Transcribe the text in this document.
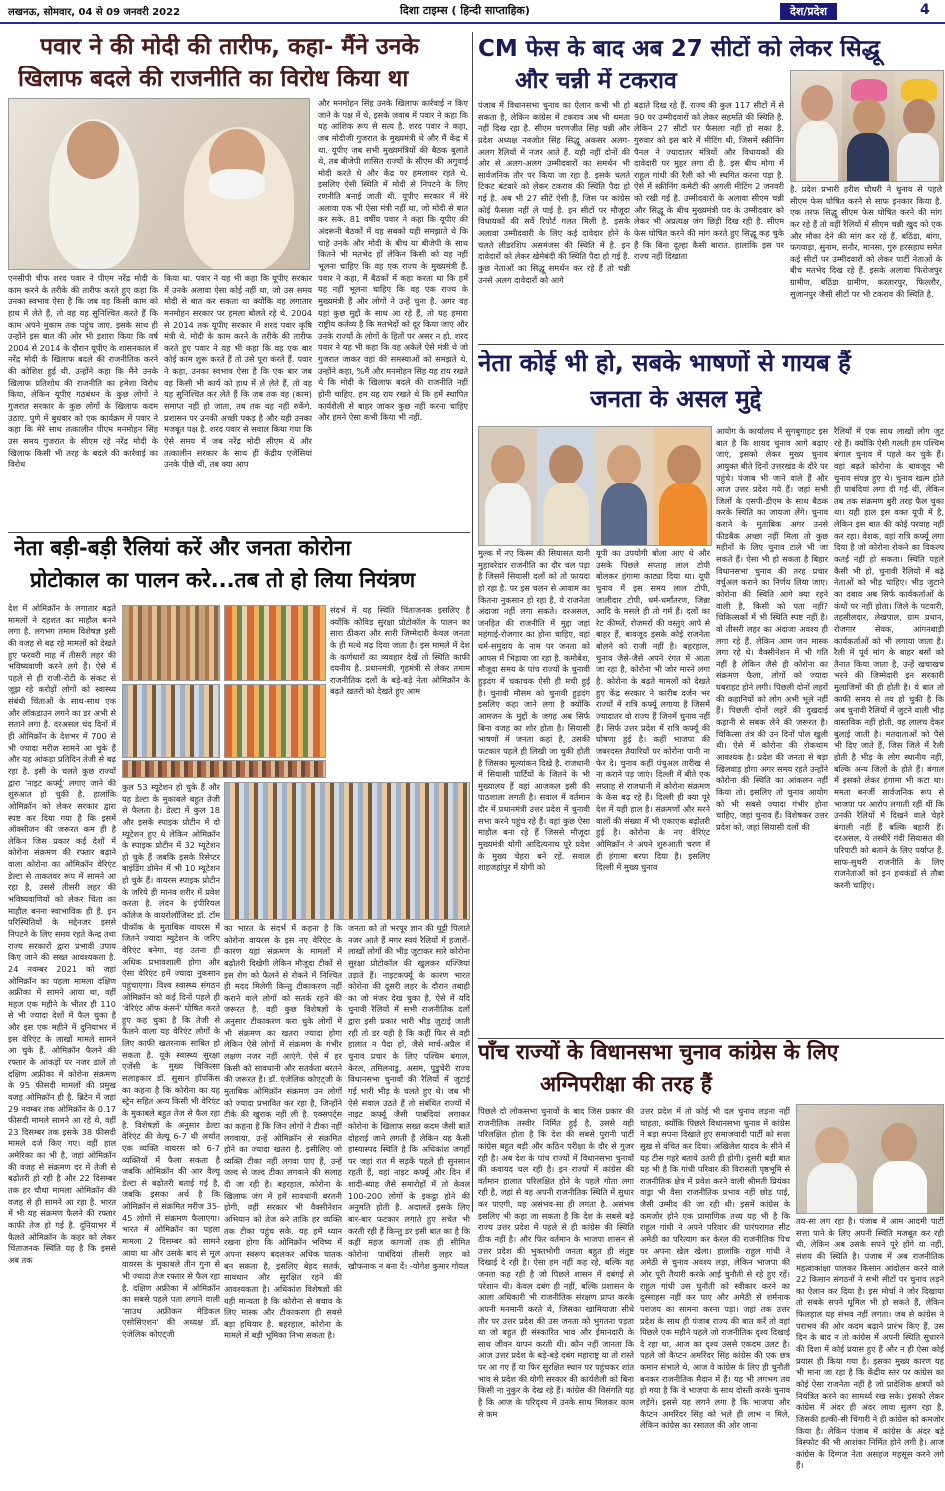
लखनऊ, सोमवार, 04 से 09 जनवरी 2022	दिशा टाइम्स ( हिन्दी साप्ताहिक)	देश/प्रदेश	4
पवार ने की मोदी की तारीफ, कहा- मैंने उनके
खिलाफ बदले की राजनीति का विरोध किया था
एनसीपी चीफ शरद पवार ने पीएम नरेंद्र मोदी के काम करने के तरीके की तारीफ करते हुए कहा कि उनका स्वभाव ऐसा है कि जब वह किसी काम को हाथ में लेते हैं, तो वह यह सुनिश्चित करते हैं कि काम अपने मुकाम तक पहुंच जाए. इसके साथ ही उन्होंने इस बात की ओर भी इशारा किया कि वर्ष 2004 से 2014 के दौरान यूपीए के शासनकाल में नरेंद्र मोदी के खिलाफ बदले की राजनीतिक करने की कोशिश हुई थी. उन्होंने कहा कि मैंने उनके खिलाफ प्रतिशोध की राजनीति का हमेशा विरोध किया, लेकिन यूपीए गठबंधन के कुछ लोगों ने गुजरात सरकार के कुछ लोगों के खिलाफ कदम उठाए. पुणे में बुधवार को एक कार्यक्रम में पवार ने कहा कि मेरे साथ तत्कालीन पीएम मनमोहन सिंह उस समय गुजरात के सीएम रहे नरेंद्र मोदी के खिलाफ किसी भी तरह के बदले की कार्रवाई का विरोध
किया था. पवार ने यह भी कहा कि यूपीए सरकार में उनके अलावा ऐसा कोई नहीं था, जो उस समय मोदी से बात कर सकता था क्योंकि वह लगातार मनमोहन सरकार पर हमला बोलते रहे थे. 2004 से 2014 तक यूपीए सरकार में शरद पवार कृषि मंत्री थे. मोदी के काम करने के तरीके की तारीफ करते हुए पवार ने यह भी कहा कि वह एक बार कोई काम शुरू करते हैं तो उसे पूरा करते हैं. पवार ने कहा, उनका स्वभाव ऐसा है कि एक बार जब वह किसी भी कार्य को हाथ में ले लेते हैं, तो वह यह सुनिश्चित कर लेते हैं कि जब तक वह (काम) समाप्त नहीं हो जाता, तब तक वह नहीं रुकेंगे. प्रशासन पर उनकी अच्छी पकड़ है और यही उनका मजबूत पक्ष है. शरद पवार से सवाल किया गया कि ऐसे समय में जब नरेंद्र मोदी सीएम थे और तत्कालीन सरकार के साथ ही केंद्रीय एजेंसियां उनके पीछे थीं, तब क्या आप
और मनमोहन सिंह उनके खिलाफ कार्रवाई न किए जाने के पक्ष में थे, इसके जवाब में पवार ने कहा कि यह आंशिक रूप से सत्य है. शरद पवार ने कहा, जब मोदीजी गुजरात के मुख्यमंत्री थे और मैं केंद्र में था. यूपीए जब सभी मुख्यमंत्रियों की बैठक बुलाते थे, तब बीजेपी शासित राज्यों के सीएम की अगुवाई मोदी करते थे और केंद्र पर हमलावर रहते थे. इसलिए ऐसी स्थिति में मोदी से निपटने के लिए रणनीति बनाई जाती थी. यूपीए सरकार में मेरे अलावा एक भी ऐसा मंत्री नहीं था, जो मोदी से बात कर सके. 81 वर्षीय पवार ने कहा कि यूपीए की अंदरूनी बैठकों में वह सबको यही समझाते थे कि चाहे उनके और मोदी के बीच या बीजेपी के साथ कितने भी मतभेद हों लेकिन किसी को यह नहीं भूलना चाहिए कि वह एक राज्य के मुख्यमंत्री हैं. पवार ने कहा, मैं बैठकों में कहा करता था कि हमें यह नहीं भूलना चाहिए कि वह एक राज्य के मुख्यमंत्री हैं और लोगों ने उन्हें चुना है. अगर वह यहां कुछ मुद्दों के साथ आ रहे हैं, तो यह हमारा राष्ट्रीय कर्तव्य है कि मतभेदों को दूर किया जाए और उनके राज्यों के लोगों के हितों पर असर न हो. शरद पवार ने यह भी कहा कि वह अकेले ऐसे मंत्री थे जो गुजरात जाकर वहां की समस्याओं को समझते थे. उन्होंने कहा, %मैं और मनमोहन सिंह यह राय रखते थे कि मोदी के खिलाफ बदले की राजनीति नहीं होनी चाहिए. हम यह राय रखते थे कि हमें स्थापित कार्यशैली से बाहर जाकर कुछ नहीं करना चाहिए और हमने ऐसा कभी किया भी नहीं.
CM फेस के बाद अब 27 सीटों को लेकर सिद्धू
और चन्नी में टकराव
पंजाब में विधानसभा चुनाव का ऐलान कभी भी हो सकता है, लेकिन कांग्रेस में टकराव अब भी थमता नहीं दिख रहा है. सीएम चरणजीत सिंह चन्नी और प्रदेश अध्यक्ष नवजोत सिंह सिद्धू अकसर अलग-अलग रैलियों में नजर आते हैं. यही नहीं दोनों की ओर से अलग-अलग उम्मीदवारों का समर्थन भी सार्वजनिक तौर पर किया जा रहा है. इसके चलते टिकट बंटवारे को लेकर टकराव की स्थिति पैदा हो गई है. अब भी 27 सीटें ऐसी हैं, जिस पर कांग्रेस कोई फैसला नहीं ले पाई है. इन सीटों पर मौजूदा विधायकों की सर्वे रिपोर्ट गलत मिली है. इसके अलावा उम्मीदवारी के लिए कई दावेदार होने के चलते लीडरशिप असमंजस की स्थिति में है. इन दावेदारों को लेकर खेमेबंदी की स्थिति पैदा हो गई है. कुछ नेताओं का सिद्धू समर्थन कर रहे हैं तो चन्नी उनसे अलग दावेदारों को आगे
बढ़ाते दिख रहे हैं. राज्य की कुल 117 सीटों में से 90 पर उम्मीदवारों को लेकर सहमति की स्थिति है. लेकिन 27 सीटों पर फैसला नहीं हो सका है. गुरुवार को इस बारे में मीटिंग थी, जिसमें स्क्रीनिंग पैनल ने ज्यादातर मंत्रियों और विधायकों की दावेदारी पर मुहर लगा दी है. इस बीच मोगा में राहुल गांधी की रैली को भी स्थगित करना पड़ा है. ऐसे में स्क्रीनिंग कमेटी की अगली मीटिंग 2 जनवरी को रखी गई है. उम्मीदवारों के अलावा सीएम चन्नी और सिद्धू के बीच मुख्यमंत्री पद के उम्मीदवार को लेकर भी अप्रत्यक्ष जंग छिड़ी दिख रही है. सीएम फेस घोषित करने की मांग करते हुए सिद्धू कह चुके हैं कि बिना दूल्हा कैसी बारात. हालांकि इस पर राज्य नहीं दिखाता
है. प्रदेश प्रभारी हरीश चौधरी ने चुनाव से पहले सीएम फेस घोषित करने से साफ इनकार किया है. एक तरफ सिद्धू सीएम फेस घोषित करने की मांग कर रहे हैं तो वहीं रैलियों में सीएम चन्नी खुद को एक और मौका देने की मांग कर रहे हैं. बठिंडा, बांगा, फगवाड़ा, सुनाम, सनौर, मानसा, गुरु हरसहाय समेत कई सीटों पर उम्मीदवारों को लेकर पार्टी नेताओं के बीच मतभेद दिख रहे हैं. इसके अलावा फिरोजपुर ग्रामीण, बठिंडा ग्रामीण, करतारपुर, फिल्लौर, सुजानपुर जैसी सीटों पर भी टकराव की स्थिति है.
नेता बड़ी-बड़ी रैलियां करें और जनता कोरोना
प्रोटोकाल का पालन करे...तब तो हो लिया नियंत्रण
देश में ओमिक्रॉन के लगातार बढ़ते मामलों ने दहशत का माहौल बनने लगा है. लगभग तमाम विशेषज्ञ इसी की वजह से बढ़ रहे मामलों को देखते हुए फरवरी माह में तीसरी लहर की भविष्यवाणी करने लगे हैं। ऐसे में पहले से ही राजी-रोटी के संकट से जूझ रहे करोड़ों लोगों को स्वास्थ्य संबंधी चिंताओं के साथ-साथ एक और लॉकडाउन लगने का डर अभी से सताने लगा है. दरअसल चंद दिनों में ही ओमिक्रॉन के देशभर में 700 से भी ज्यादा मरीज सामने आ चुके हैं और यह आंकड़ा प्रतिदिन तेजी से बढ़ रहा है. इसी के चलते कुछ राज्यों द्वारा 'नाइट कर्फ्यू' लगाए जाने की शुरुआत हो चुकी है. हालांकि ओमिक्रॉन को लेकर सरकार द्वारा स्पष्ट कर दिया गया है कि इसमें ऑक्सीजन की जरूरत कम ही है लेकिन जिस प्रकार कई देशों में कोरोना संक्रमण की रफ्तार बढ़ाने वाला कोरोना का ओमिक्रॉन वेरिएंट डेल्टा से ताकतवर रूप में सामने आ रहा है, उससे तीसरी लहर की भविष्यवाणियों को लेकर चिंता का माहौल बनना स्वाभाविक ही है. इन परिस्थितियों के मद्देनजर इससे निपटने के लिए समय रहते केन्द्र तथा राज्य सरकारों द्वारा प्रभावी उपाय किए जाने की सख्त आवश्यकता है. 24 नवम्बर 2021 को जहां ओमिक्रॉन का पहला मामला दक्षिण अफ्रीका में सामने आया था, वहीं महज एक महीने के भीतर ही 110 से भी ज्यादा देशों में फैल चुका है और इस एक महीने में दुनियाभर में इस वेरिएंट के लाखों मामले सामने आ चुके हैं. ओमिक्रॉन फैलने की रफ्तार के आंकड़ों पर नजर डालें तो दक्षिण अफ्रीका में कोरोना संक्रमण के 95 फीसदी मामलों की प्रमुख वजह ओमिक्रॉन ही है. ब्रिटेन में जहां 29 नवम्बर तक ओमिक्रॉन के 0.17 फीसदी मामले सामने आ रहे थे, वहीं 23 दिसम्बर तक इसके 38 फीसदी मामले दर्ज किए गए। वहीं हाल अमेरिका का भी है, जहां ओमिक्रॉन की वजह से संक्रमण दर में तेजी से बढ़ोतरी हो रही है और 22 दिसम्बर तक हर चौथा मामला ओमिक्रॉन की वजह से ही सामने आ रहा है. भारत में भी यह संक्रमण फैलने की रफ्तार काफी तेज हो गई है. दुनियाभर में फैलते ओमिक्रॉन के कहर को लेकर चिंताजनक स्थिति यह है कि इससे अब तक
संदर्भ में यह स्थिति चिंताजनक इसलिए है क्योंकि कोविड सुरक्षा प्रोटोकॉल के पालन का सारा ठीकरा और सारी जिम्मेदारी केवल जनता के ही मत्थे मढ़ दिया जाता है। इस मामले में देश के कर्णधारों का व्यवहार देखें तो स्थिति काफी दयनीय है. प्रधानमंत्री, गृहमंत्री से लेकर तमाम राजनीतिक दलों के बड़े-बड़े नेता ओमिक्रॉन के बढ़ते खतरों को देखते हुए आम
कुल 53 म्यूटेशन हो चुके हैं और यह डेल्टा के मुकाबले बहुत तेजी से फैलता है। डेल्टा में कुल 18 और इसके स्पाइक प्रोटीन में दो म्यूटेशन हुए थे लेकिन ओमिक्रॉन के स्पाइक प्रोटीन में 32 म्यूटेशन हो चुके हैं जबकि इसके रिसेप्टर बाइंडिंग डोमेन में भी 10 म्यूटेशन हो चुके हैं। वायरस स्पाइक प्रोटीन के जरिये ही मानव शरीर में प्रवेश करता है. लंदन के इंपीरियल कॉलेज के वायरोलॉजिस्ट डॉ. टॉम पीकॉक के मुताबिक वायरस में जितने ज्यादा म्यूटेशन के जरिए वेरिएंट बनेगा, वह उतना ही अधिक प्रभावशाली होगा और ऐसा वेरिएंट हमें ज्यादा नुकसान पहुंचाएगा। विश्व स्वास्थ्य संगठन ओमिक्रॉन को कई दिनों पहले ही 'वेरिएंट ऑफ कंसर्न' घोषित करते हुए कह चुका है कि तेजी से फैलने वाला यह वेरिएंट लोगों के लिए काफी खतरनाक साबित हो सकता है. यूके स्वास्थ्य सुरक्षा एजेंसी के मुख्य चिकित्सा सलाहकार डॉ. सुसान हॉपकिंस का कहना है कि कोरोना का यह स्ट्रेन सहित अन्य किसी भी वेरिएंट के मुकाबले बहुत तेज से फैल रहा है. विशेषज्ञों के अनुसार डेल्टा वेरिएंट की वेल्यू 6-7 थी अर्थात् एक व्यक्ति वायरस को 6-7 व्यक्तियों में फैला सकता है जबकि ओमिक्रॉन की आर वैल्यू डेल्टा से बढ़ोतरी बताई गई है, जबकि इसका अर्थ है कि ओमिक्रॉन से संक्रमित मरीज 35-45 लोगों में संक्रमण फैलाएगा। भारत में ओमिक्रॉन का पहला मामला 2 दिसम्बर को सामने आया था और उसके बाद से मूल वायरस के मुकाबले तीन गुना से भी ज्यादा तेज रफ्तार से फैल रहा है. दक्षिण अफ्रीका में ओमिक्रॉन का सबसे पहले पता लगाने वाली 'साउथ अफ्रीकन मेडिकल एसोसिएशन' की अध्यक्ष डॉ. एंजेलिक कोएट्जी
का भारत के संदर्भ में कहना है कि कोरोना वायरस के इस नए वेरिएंट के कारण यहां संक्रमण के मामलों में बढ़ोतरी दिखेगी लेकिन मौजूदा टीकों से इस रोग को फैलने से रोकने में निश्चित ही मदद मिलेगी किन्तु टीकाकरण नहीं कराने वाले लोगों को सतर्क रहने की जरूरत है. वहीं कुछ विशेषज्ञों के अनुसार टीकाकरण करा चुके लोगों में भी संक्रमण का खतरा ज्यादा होगा लेकिन ऐसे लोगों में संक्रमण के गंभीर लक्षण नजर नहीं आएंगे. ऐसे में हर किसी को सावधानी और सतर्कता बरतने की जरूरत है। डॉ. एंजेलिक कोएट्जी के मुताबिक ओमिक्रॉन संक्रमण उन लोगों को ज्यादा प्रभावित कर रहा है, जिन्होंने टीके की खुराक नहीं ली है. एक्सपर्ट्स का कहना है कि जिन लोगों ने टीका नहीं लगवाया, उन्हें ओमिक्रॉन से संक्रमित होने का ज्यादा खतरा है. इसीलिए जो व्यक्ति टीका नहीं लगवा पाए हैं, उन्हें जल्द से जल्द टीका लगवाने की सलाह दी जा रही है। बहरहाल, कोरोना के खिलाफ जंग में हमें सावधानी बरतनी होगी, वहीं सरकार भी वैक्सीनेशन अभियान को तेज करे ताकि हर व्यक्ति तक टीका पहुंच सके. यह हमें ध्यान रखना होगा कि ओमिक्रॉन भविष्य में अपना स्वरूप बदलकर अधिक घातक बन सकता है, इसलिए बेहद सतर्क, सावधान और सुरक्षित रहने की आवश्यकता है। अधिकांश विशेषज्ञों की यही मान्यता है कि कोरोना से बचाव के लिए मास्क और टीकाकरण ही सबसे बड़ा हथियार है. बहरहाल, कोरोना के मामले में बड़ी भूमिका निभा सकता है।
जनता को तो भरपूर ज्ञान की घुट्टी पिलाते नजर आते हैं मगर स्वयं रैलियों में हजारों-लाखों लोगों की भीड़ जुटाकर सारे कोरोना सुरक्षा प्रोटोकॉल की खुलकर धज्जियां उड़ाते हैं। नाइटकर्फ्यू के कारण भारत कोरोना की दूसरी लहर के दौरान तबाही का जो मंजर देख चुका है, ऐसे में यदि चुनावी रैलियों में सभी राजनीतिक दलों द्वारा इसी प्रकार भारी भीड़ जुटाई जाती रही तो डर यही है कि कहीं फिर से वही हालात न पैदा हों, जैसे मार्च-अप्रैल में चुनाव प्रचार के लिए पश्चिम बंगाल, केरल, तमिलनाडु, असम, पुडुचेरी राज्य विधानसभा चुनावों की रैलियों में जुटाई गई भारी भीड़ के चलते हुए थे। जब भी ऐसे सवाल उठते हैं तो संबंधित राज्यों में नाइट कर्फ्यू जैसी पाबंदियां लगाकर कोरोना के खिलाफ सख्त कदम जैसी बातें दोहराई जाने लगती हैं लेकिन यह कैसी हास्यास्पद स्थिति है कि अधिकांश जगहों पर जहां रात में सड़कें पहले ही सुनसान रहती हैं, वहां नाइट कर्फ्यू और दिन में शादी-ब्याह जैसे समारोहों में तो केवल 100-200 लोगों के इकट्ठा होने की अनुमति होती है. अदालतें इसके लिए बार-बार फटकार लगाते हुए सचेत भी करती रही हैं किन्तु डर इसी बात का है कि कहीं महज कागजों तक ही सीमित कोरोना पाबंदियां तीसरी लहर को खौफनाक न बना दें। -योगेश कुमार गोयल
नेता कोई भी हो, सबके भाषणों से गायब हैं
जनता के असल मुद्दे
मुल्क में नए किस्म की सियासत यानी मुहावरेदार राजनीति का दौर चल पड़ा है जिसमें सियासी दलों को तो फायदा हो रहा है. पर इस चलन से आवाम का कितना नुकसान हो रहा है, ये राजनेता अंदाजा नहीं लगा सकते। दरअसल, जनहित की राजनीति में मुद्दा जहां महंगाई-रोजगार का होना चाहिए, वहां धर्म-समुदाय के नाम पर जनता को आपस में भिड़ाया जा रहा है. कमोबेश, मौजूदा समय के पांच राज्यों के चुनावी हुड़दंग में चकाचक ऐसी ही मची हुई है। चुनावी मौसम को चुनावी हुड़दंग इसलिए कहा जाने लगा है क्योंकि आमजन के मुद्दों के जगह अब सिर्फ बिना वजह का शोर होता है। सियासी भाषणों में जनता कहां है, उसकी फटकार पहले ही लिखी जा चुकी होती है जिसका मूल्यांकन दिखे है. राजधानी में सियासी पार्टियों के जितने के भी मुख्यालय हैं वहां आजकल इसी की पाठशाला लगती है। सवाल में वर्तमान दौर में प्रधानमंत्री उत्तर प्रदेश में चुनावी सभा करने पहुंच रहे हैं। वहां कुछ ऐसा माहौल बना रहे हैं जिससे मौजूदा मुख्यमंत्री योगी आदित्यनाथ पूरे प्रदेश के मुख्य चेहरा बने रहें. सवाल शाहजहांपुर में योगी को
यूपी का उपयोगी बोला आए थे और उसके पिछले सप्ताह लाल टोपी बोलकर हंगामा काट्या दिया था। यूपी चुनाव में इस समय लाल टोपी, जालीदार टोपी, धर्म-धर्मांतरण, जिन्ना आदि के मसले ही तो गर्म हैं। दलों का रेट कीमतें, रोजमर्रा की वस्तुएं आपे से बाहर हैं, बावजूद इसके कोई राजनेता बोलने को राजी नहीं है। बहरहाल, चुनाव जैसे-जैसे अपने रंगत में आता जा रहा है, कोरोना भी जोर मारने लगा है. कोरोना के बढ़ते मामलों को देखते हुए केंद्र सरकार ने कारीब दर्जन भर राज्यों में रात्रि कर्फ्यू लगाया है जिसमें ज्यादातर वो राज्य हैं जिनमें चुनाव नहीं हैं। सिर्फ उत्तर प्रदेश में रात्रि कर्फ्यू की घोषणा हुई है। कहीं भाजपा की जबरदस्त तैयारियों पर कोरोना पानी ना फेर दे। चुनाव कहीं पंचुअल तारीख से ना कराने पड़ जाएं। दिल्ली में बीते एक सप्ताह से राजधानी में कोरोना संक्रमण के केस बढ़ रहे हैं। दिल्ली ही क्या पूरे देश में यही हाल है। संक्रमणों और मरने वालों की संख्या में भी एकाएक बढ़ोतरी हुई है। कोरोना के नए वेरिएंट ओमिक्रॉन ने अपने शुरुआती चरण में ही हंगामा बरपा दिया है। इसलिए दिल्ली में मुख्य चुनाव
आयोग के कार्यालय में सुगबुगाहट इस बात है कि शायद चुनाव आगे बढ़ाए जाएं, इसको लेकर मुख्य चुनाव आयुक्त बीते दिनों उत्तरखंड के दौरे पर पहुंचे। पंजाब भी जाने वाले हैं और आज उत्तर प्रदेश गये हैं। जहां सभी जिलों के एसपी-डीएम के साथ बैठक करके स्थिति का जायजा लेंगे। चुनाव कराने के मुताबिक अगर उनसे फीडबैक अच्छा नहीं मिला तो कुछ महीनों के लिए चुनाव टाले भी जा सकते हैं। ऐसा भी हो सकता है बिहार विधानसभा चुनाव की तरह प्रचार वर्चुअल कराने का निर्णय लिया जाए। कोरोना की स्थिति आगे क्या रहने वाली है, किसी को पता नहीं? चिकित्सकों में भी स्थिति स्पष्ट नहीं है। वो तीसरी लहर का अंदाजा अवश्य ही लगा रहे हैं. लेकिन आम जन मास्क लगा रहे थे। वैक्सीनेशन में भी गति नहीं है लेकिन जैसे ही कोरोना का संक्रमण फैला, लोगों को ज्यादा घबराहट होने लगी। पिछली दोनों लहरों की कहानियों को लोग अभी भूले नहीं हैं। पिछली दोनों लहरें की दुखदाई कहानी से सबक लेने की जरूरत है। चिकित्सा तंत्र की उन दिनों पोल खुली थी। ऐसे में कोरोना की रोकथाम आवश्यक है। प्रदेश की जनता से बड़ा खिलवाड़ होगा अगर समय रहते उन्होंने कोरोना की स्थिति का आंकलन नहीं किया तो। इसलिए तो चुनाव आयोग को भी सबसे ज्यादा गंभीर होना चाहिए, जहां चुनाव हैं। विशेषकर उत्तर प्रदेश को, जहां सियासी दलों की
रैलियों में एक साथ लाखों लोग जुट रहे हैं। क्योंकि ऐसी गलती हम पश्चिम बंगाल चुनाव में पहले कर चुके हैं। वहां बढ़ते कोरोना के बावजूद भी चुनाव संपन्न हुए थे। चुनाव खत्म होते ही पाबंदियां लगा दी गई थीं, लेकिन तब तक संक्रमण बुरी तरह फैल चुका था। यही हाल इस वक्त यूपी में है, लेकिन इस बात की कोई परवाह नहीं कर रहा। वेशक, वहां रात्रि कर्फ्यू लगा दिया है जो कोरोना रोकने का विकल्प कतई नहीं हो सकता। स्थिति पहले कैसी भी हो, चुनावी रैलियों में बढ़े नेताओं को भीड़ चाहिए। भीड़ जुटाने का दबाव अब सिर्फ कार्यकर्ताओं के कंधों पर नहीं होता। जिले के पटवारी, तहसीलदार, लेखपाल, ग्राम प्रधान, रोजगार सेवक, आंगनबाड़ी कार्यकर्ताओं को भी लगाया जाता है। रैली में पूर्व मांग के बाहर बसों को तैनात किया जाता है, उन्हें खचाखच भरने की जिम्मेदारी इन सरकारी मुलाजिमों की ही होती है। ये बात तो काफी समय से तय हो चुकी है कि अब चुनावी रैलियों में जुटने वाली भीड़ वास्तविक नहीं होती, वह लालच देकर बुलाई जाती है। मतदाताओं को पैसे भी दिए जाते हैं, जिस जिले में रैली होती है भीड़ के लोग स्थानीय नहीं, बल्कि अन्य जिलों के होते हैं। बंगाल में इसको लेकर हंगामा भी कटा था। ममता बनर्जी सार्वजनिक रूप से भाजपा पर आरोप लगाती रहीं थीं कि उनकी रैलियों में दिखने वाले चेहरे बंगाली नहीं हैं बल्कि बहारी हैं। दरअसल, ये तस्वीरें गंदी सियासत की परिपाटी को बताने के लिए पर्याप्त हैं. साफ-सुथरी राजनीति के लिए राजनेताओं को इन हथकंडों से तौबा करनी चाहिए।
पाँच राज्यों के विधानसभा चुनाव कांग्रेस के लिए
अग्निपरीक्षा की तरह हैं
पिछले दो लोकसभा चुनावों के बाद जिस प्रकार की राजनीतिक तस्वीर निर्मित हुई है, उससे यही परिलक्षित होता है कि देश की सबसे पुरानी पार्टी कांग्रेस बहुत बड़ी और कठिन परीक्षा के दौर से गुजर रही है। अब देश के पांच राज्यों में विधानसभा चुनावों की कवायद चल रही है। इन राज्यों में कांग्रेस की वर्तमान हालात परिलक्षित होने के पहले गोता लगा रही है, जहां से वह अपनी राजनीतिक स्थिति में सुधार कर पाएगी, यह असंभव-सा ही लगता है. असंभव इसलिए भी कहा जा सकता है कि देश के सबसे बड़े राज्य उत्तर प्रदेश में पहले से ही कांग्रेस की स्थिति ठीक नहीं है। और फिर वर्तमान के भाजपा शासन से उत्तर प्रदेश की भुक्तभोगी जनता बहुत ही संतुष्ट दिखाई दे रही है। ऐसा हम नहीं कह रहे, बल्कि वह जनता कह रही है जो पिछले शासन में दबंगई से परेशान थी। केवल दबंग ही नहीं, बल्कि प्रशासन के आला अधिकारी भी राजनीतिक संरक्षण प्राप्त करके अपनी मनमानी करते थे, जिसका खामियाजा सीधे तौर पर उत्तर प्रदेश की उस जनता को भुगतना पड़ता था जो बहुत ही संस्कारित भाव और ईमानदारी के साथ जीवन यापन करती थी। कौन नहीं जानता कि आज उत्तर प्रदेश के बड़े-बड़े दबंग महाराष्ट्र या तो रास्ते पर आ गए हैं या फिर सुरक्षित स्थान पर पहुंचकर शांत भाव से प्रदेश की योगी सरकार की कार्यशैली को बिना किसी ना नुकुर के देख रहे हैं। कांग्रेस की विसंगति यह है कि आज के परिदृश्य में उनके साथ मिलकर काम से कम
उत्तर प्रदेश में तो कोई भी दल चुनाव लड़ना नहीं चाहता, क्योंकि पिछले विधानसभा चुनाव में कांग्रेस ने बड़ा सपना दिखाते हुए समाजवादी पार्टी को सत्ता सुख से वंचित कर दिया। अखिलेश यादव के सीने में यह टीस गहरे बताये उतरी ही होगी। दूसरी बड़ी बात यह भी है कि गांधी परिवार की विरासती पृष्ठभूमि से राजनीतिक क्षेत्र में प्रवेश करने वाली श्रीमती प्रियंका वाड्रा भी वैसा राजनीतिक प्रभाव नहीं छोड़ पाई, जैसी उम्मीद की जा रही थी। इसमें कांग्रेस के कमजोर होने एक प्रामाणिक तथ्य यह भी है कि राहुल गांधी ने अपने परिवार की पारंपरागत सीट अमेठी का परित्याग कर केरल की राजनीतिक पिच पर अपना खेल खेला। हालांकि राहुल गांधी ने अमेठी से चुनाव अवश्य लड़ा, लेकिन भाजपा की ओर पूरी तैयारी करके आई चुनौती से रहे हुए रहें। राहुल गांधी उस चुनौती को स्वीकार करने का दुस्साहस नहीं कर पाए और अमेठी से शर्मनाक पराजय का सामना करना पड़ा। जहां तक उत्तर प्रदेश के साथ ही पंजाब राज्य की बात करें तो वहां पिछले एक महीने पहले जो राजनीतिक दृश्य दिखाई दे रहा था, आज का दृश्य उससे एकदम उलट है। पहले जो कैप्टन अमरिंदर सिंह कांग्रेस की एक छत्र कमान संभाले थे, आज वे कांग्रेस के लिए ही चुनौती बनकर राजनीतिक मैदान में हैं। यह भी लगभग तय हो गया है कि वे भाजपा के साथ दोस्ती करके चुनाव लड़ेंगे। इससे यह लगने लगा है कि भाजपा और कैप्टन अमरिंदर सिंह को भले ही लाभ न मिले, लेकिन कांग्रेस का रसातल की ओर जाना
तय-सा लग रहा है। पंजाब में आम आदमी पार्टी सत्ता पाने के लिए अपनी स्थिति मजबूत कर रही थी, लेकिन अब उसके सपने पूरे होंगे या नहीं, संशय की स्थिति है। पंजाब में अब राजनीतिक महत्वाकांक्षा पालकर किसान आंदोलन करने वाले 22 किसान संगठनों ने सभी सीटों पर चुनाव लड़ने का ऐलान कर दिया है। इस मोर्चा ने जोर दिखाया तो सबके सपने धूमिल भी हो सकते हैं, लेकिन फिलहाल यह संभव नहीं लगता। जब से कांग्रेस ने पराभव की ओर कदम बढ़ाने प्रारंभ किए हैं, उस दिन के बाद न तो कांग्रेस में अपनी स्थिति सुधारने की दिशा में कोई प्रयास हुए हैं और न ही ऐसा कोई प्रयास ही किया गया है। इसका मुख्य कारण यह भी माना जा रहा है कि केंद्रीय स्तर पर कांग्रेस का कोई ऐसा राजनेता नहीं है जो प्रादेशिक क्षत्रपों को नियंत्रित करने का सामर्थ्य रख सके। इसको लेकर कांग्रेस में अंदर ही अंदर लावा सुलग रहा है, जिसकी हल्की-सी चिंगारी ने ही कांग्रेस को कमजोर किया है। लेकिन पंजाब में कांग्रेस के अंदर बड़े विस्फोट की भी आशंका निर्मित होने लगी है। आज कांग्रेस के दिग्गज नेता असहज महसूस करने लगे हैं।
